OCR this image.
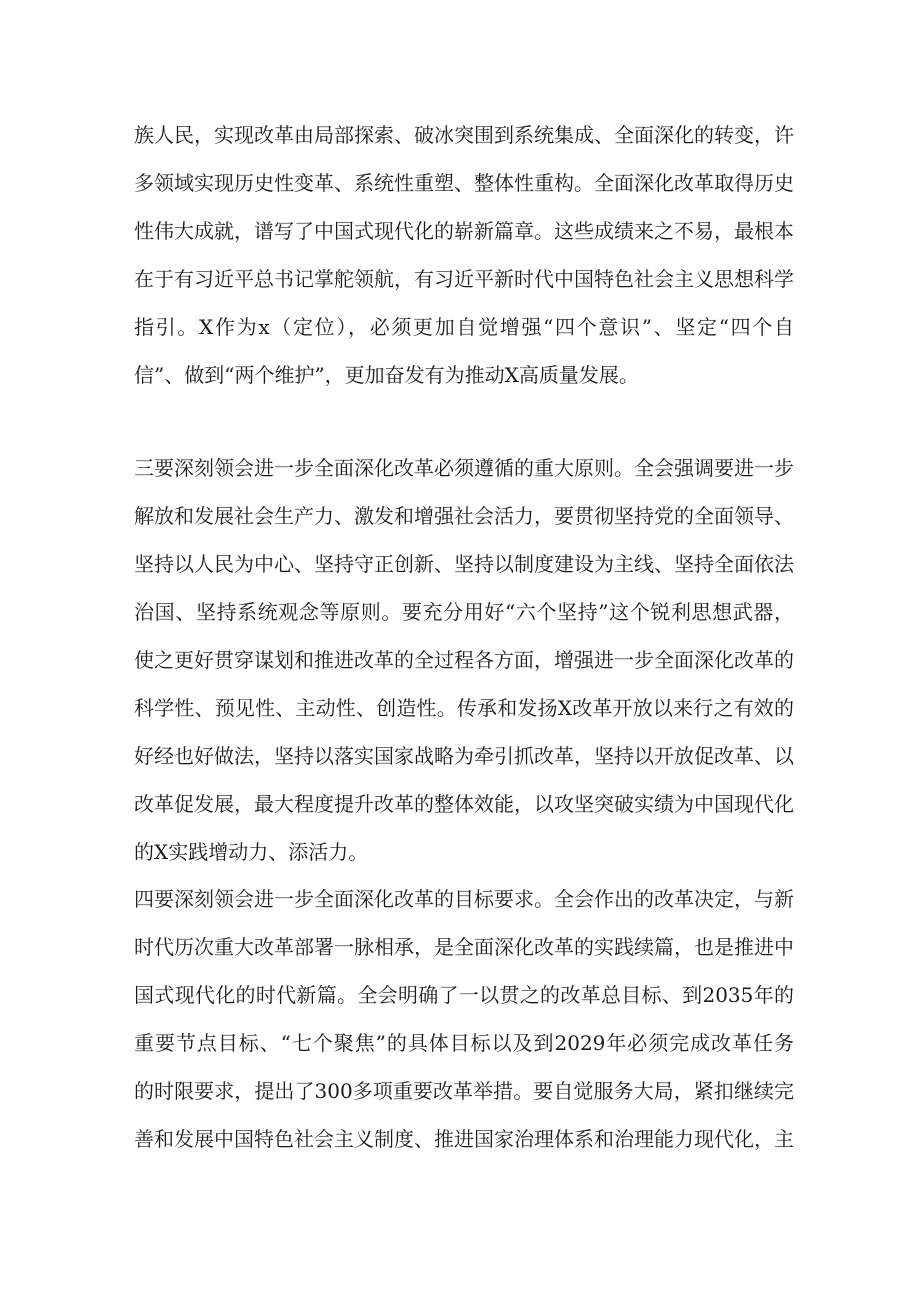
族人民，实现改革由局部探索、破冰突围到系统集成、全面深化的转变，许
多领域实现历史性变革、系统性重塑、整体性重构。全面深化改革取得历史
性伟大成就，谱写了中国式现代化的崭新篇章。这些成绩来之不易，最根本
在于有习近平总书记掌舵领航，有习近平新时代中国特色社会主义思想科学
指引。X作为x（定位），必须更加自觉增强“四个意识”、坚定“四个自
信”、做到“两个维护”，更加奋发有为推动X高质量发展。
三要深刻领会进一步全面深化改革必须遵循的重大原则。全会强调要进一步
解放和发展社会生产力、激发和增强社会活力，要贯彻坚持党的全面领导、
坚持以人民为中心、坚持守正创新、坚持以制度建设为主线、坚持全面依法
治国、坚持系统观念等原则。要充分用好“六个坚持”这个锐利思想武器，
使之更好贯穿谋划和推进改革的全过程各方面，增强进一步全面深化改革的
科学性、预见性、主动性、创造性。传承和发扬X改革开放以来行之有效的
好经也好做法，坚持以落实国家战略为牵引抓改革，坚持以开放促改革、以
改革促发展，最大程度提升改革的整体效能，以攻坚突破实绩为中国现代化
的X实践增动力、添活力。
四要深刻领会进一步全面深化改革的目标要求。全会作出的改革决定，与新
时代历次重大改革部署一脉相承，是全面深化改革的实践续篇，也是推进中
国式现代化的时代新篇。全会明确了一以贯之的改革总目标、到2035年的
重要节点目标、“七个聚焦”的具体目标以及到2029年必须完成改革任务
的时限要求，提出了300多项重要改革举措。要自觉服务大局，紧扣继续完
善和发展中国特色社会主义制度、推进国家治理体系和治理能力现代化，主
